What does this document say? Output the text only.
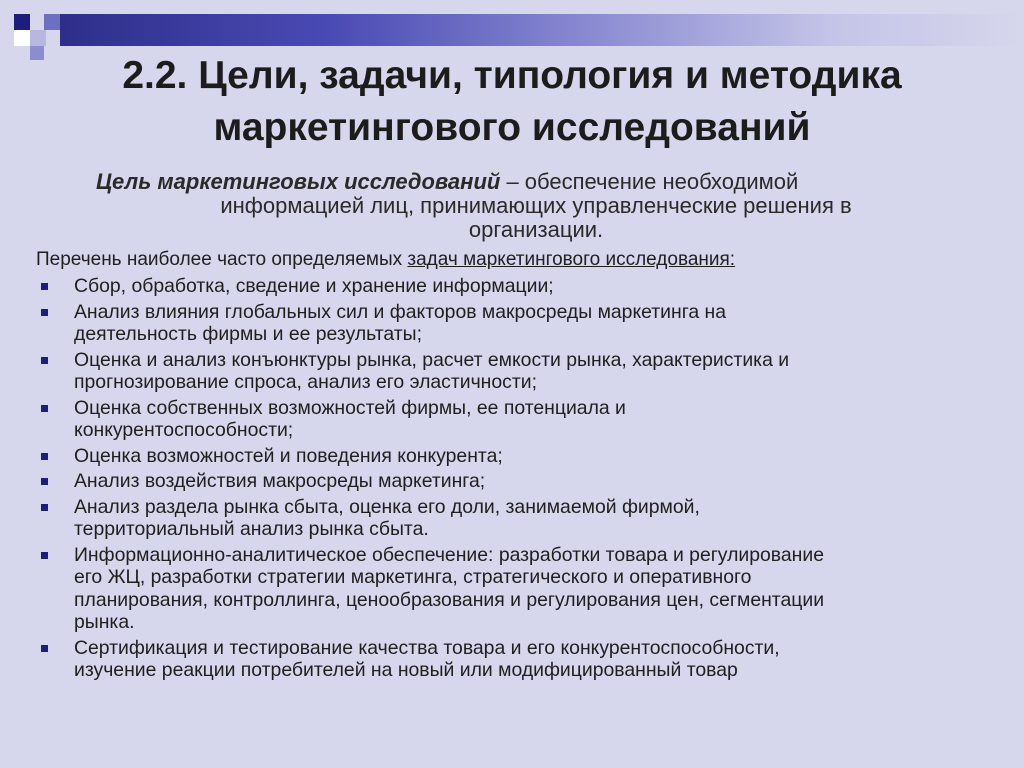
2.2. Цели, задачи, типология и методика
маркетингового исследований
Цель маркетинговых исследований – обеспечение необходимой
информацией лиц, принимающих управленческие решения в
организации.
Перечень наиболее часто определяемых задач маркетингового исследования:
Сбор, обработка, сведение и хранение информации;
Анализ влияния глобальных сил и факторов макросреды маркетинга на
деятельность фирмы и ее результаты;
Оценка и анализ конъюнктуры рынка, расчет емкости рынка, характеристика и
прогнозирование спроса, анализ его эластичности;
Оценка собственных возможностей фирмы, ее потенциала и
конкурентоспособности;
Оценка возможностей и поведения конкурента;
Анализ воздействия макросреды маркетинга;
Анализ раздела рынка сбыта, оценка его доли, занимаемой фирмой,
территориальный анализ рынка сбыта.
Информационно-аналитическое обеспечение: разработки товара и регулирование
его ЖЦ, разработки стратегии маркетинга, стратегического и оперативного
планирования, контроллинга, ценообразования и регулирования цен, сегментации
рынка.
Сертификация и тестирование качества товара и его конкурентоспособности,
изучение реакции потребителей на новый или модифицированный товар
